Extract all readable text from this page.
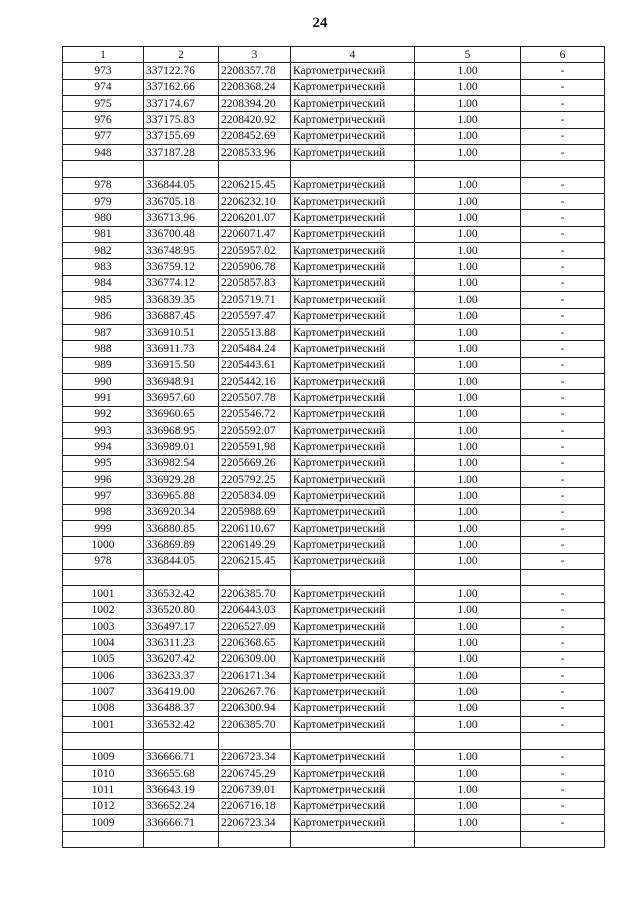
24
1	2	3	4	5	6
973	337122.76	2208357.78	Картометрический	1.00	-
974	337162.66	2208368.24	Картометрический	1.00	-
975	337174.67	2208394.20	Картометрический	1.00	-
976	337175.83	2208420.92	Картометрический	1.00	-
977	337155.69	2208452.69	Картометрический	1.00	-
948	337187.28	2208533.96	Картометрический	1.00	-

978	336844.05	2206215.45	Картометрический	1.00	-
979	336705.18	2206232.10	Картометрический	1.00	-
980	336713.96	2206201.07	Картометрический	1.00	-
981	336700.48	2206071.47	Картометрический	1.00	-
982	336748.95	2205957.02	Картометрический	1.00	-
983	336759.12	2205906.78	Картометрический	1.00	-
984	336774.12	2205857.83	Картометрический	1.00	-
985	336839.35	2205719.71	Картометрический	1.00	-
986	336887.45	2205597.47	Картометрический	1.00	-
987	336910.51	2205513.88	Картометрический	1.00	-
988	336911.73	2205484.24	Картометрический	1.00	-
989	336915.50	2205443.61	Картометрический	1.00	-
990	336948.91	2205442.16	Картометрический	1.00	-
991	336957.60	2205507.78	Картометрический	1.00	-
992	336960.65	2205546.72	Картометрический	1.00	-
993	336968.95	2205592.07	Картометрический	1.00	-
994	336989.01	2205591.98	Картометрический	1.00	-
995	336982.54	2205669.26	Картометрический	1.00	-
996	336929.28	2205792.25	Картометрический	1.00	-
997	336965.88	2205834.09	Картометрический	1.00	-
998	336920.34	2205988.69	Картометрический	1.00	-
999	336880.85	2206110.67	Картометрический	1.00	-
1000	336869.89	2206149.29	Картометрический	1.00	-
978	336844.05	2206215.45	Картометрический	1.00	-

1001	336532.42	2206385.70	Картометрический	1.00	-
1002	336520.80	2206443.03	Картометрический	1.00	-
1003	336497.17	2206527.09	Картометрический	1.00	-
1004	336311.23	2206368.65	Картометрический	1.00	-
1005	336207.42	2206309.00	Картометрический	1.00	-
1006	336233.37	2206171.34	Картометрический	1.00	-
1007	336419.00	2206267.76	Картометрический	1.00	-
1008	336488.37	2206300.94	Картометрический	1.00	-
1001	336532.42	2206385.70	Картометрический	1.00	-

1009	336666.71	2206723.34	Картометрический	1.00	-
1010	336655.68	2206745.29	Картометрический	1.00	-
1011	336643.19	2206739.01	Картометрический	1.00	-
1012	336652.24	2206716.18	Картометрический	1.00	-
1009	336666.71	2206723.34	Картометрический	1.00	-
